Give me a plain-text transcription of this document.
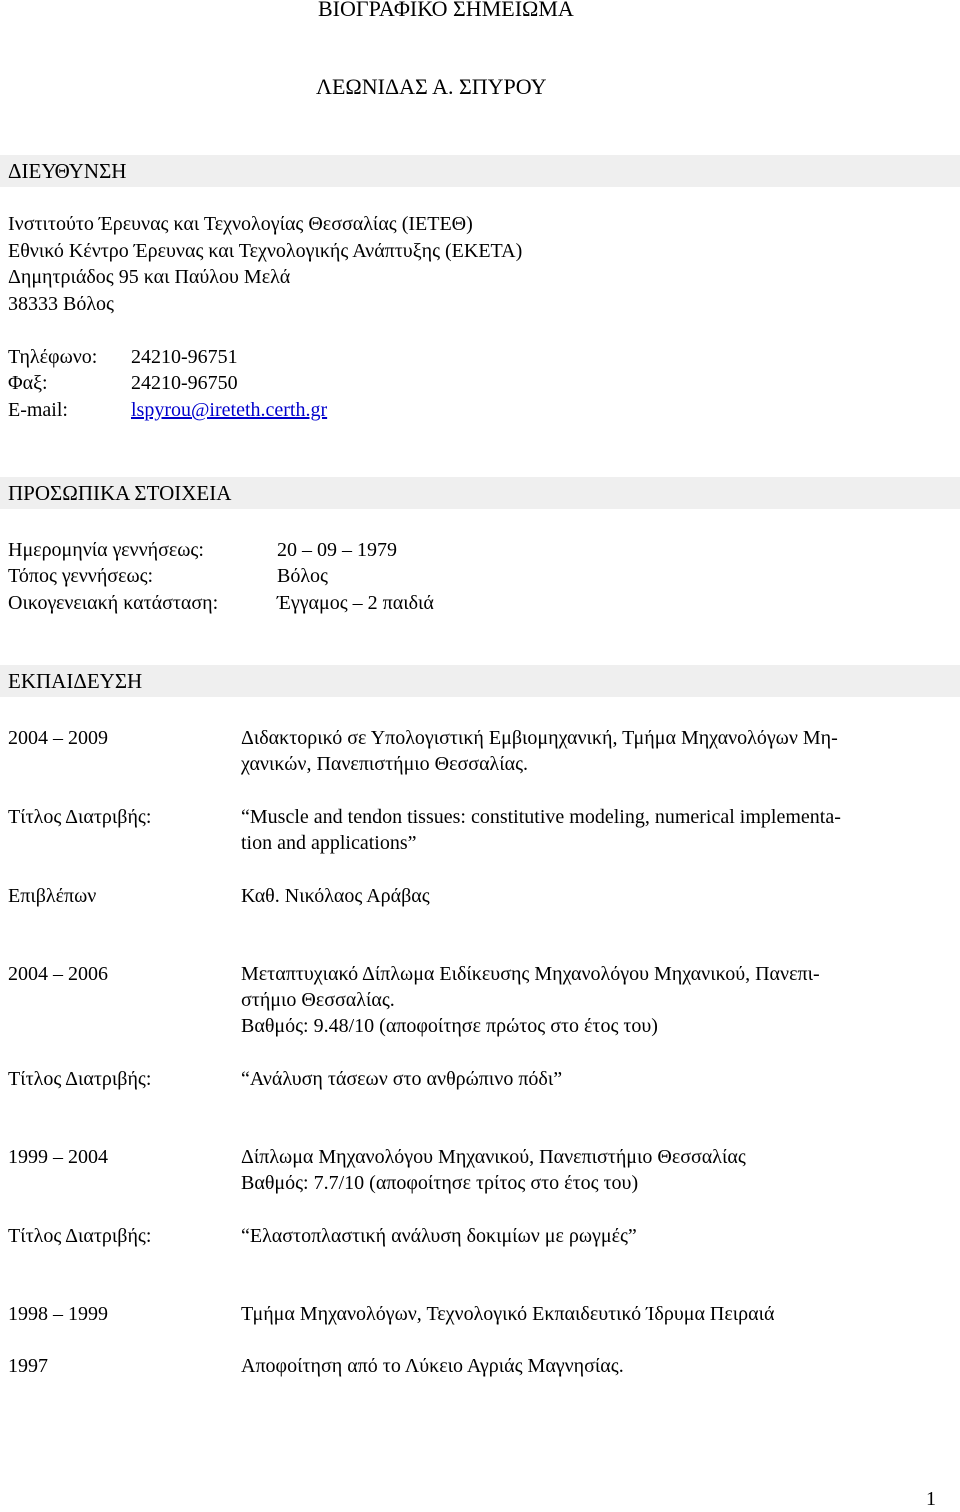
ΒΙΟΓΡΑΦΙΚΟ ΣΗΜΕΙΩΜΑ
ΛΕΩΝΙΔΑΣ Α. ΣΠΥΡΟΥ
ΔΙΕΥΘΥΝΣΗ
Ινστιτούτο Έρευνας και Τεχνολογίας Θεσσαλίας (ΙΕΤΕΘ)
Εθνικό Κέντρο Έρευνας και Τεχνολογικής Ανάπτυξης (ΕΚΕΤΑ)
Δημητριάδος 95 και Παύλου Μελά
38333 Βόλος
Τηλέφωνο: 24210-96751
Φαξ:	24210-96750
E-mail:	lspyrou@ireteth.certh.gr
ΠΡΟΣΩΠΙΚΑ ΣΤΟΙΧΕΙΑ
Ημερομηνία γεννήσεως:	20 – 09 – 1979
Τόπος γεννήσεως:	Βόλος
Οικογενειακή κατάσταση:	Έγγαμος – 2 παιδιά
ΕΚΠΑΙΔΕΥΣΗ
2004 – 2009	Διδακτορικό σε Υπολογιστική Εμβιομηχανική, Τμήμα Μηχανολόγων Μη-
χανικών, Πανεπιστήμιο Θεσσαλίας.
Τίτλος Διατριβής:	“Muscle and tendon tissues: constitutive modeling, numerical implementa-
tion and applications”
Επιβλέπων	Καθ. Νικόλαος Αράβας
2004 – 2006	Μεταπτυχιακό Δίπλωμα Ειδίκευσης Μηχανολόγου Μηχανικού, Πανεπι-
στήμιο Θεσσαλίας.
Βαθμός: 9.48/10 (αποφοίτησε πρώτος στο έτος του)
Τίτλος Διατριβής:	“Ανάλυση τάσεων στο ανθρώπινο πόδι”
1999 – 2004	Δίπλωμα Μηχανολόγου Μηχανικού, Πανεπιστήμιο Θεσσαλίας
Βαθμός: 7.7/10 (αποφοίτησε τρίτος στο έτος του)
Τίτλος Διατριβής:	“Ελαστοπλαστική ανάλυση δοκιμίων με ρωγμές”
1998 – 1999	Τμήμα Μηχανολόγων, Τεχνολογικό Εκπαιδευτικό Ίδρυμα Πειραιά
1997	Αποφοίτηση από το Λύκειο Αγριάς Μαγνησίας.
1
